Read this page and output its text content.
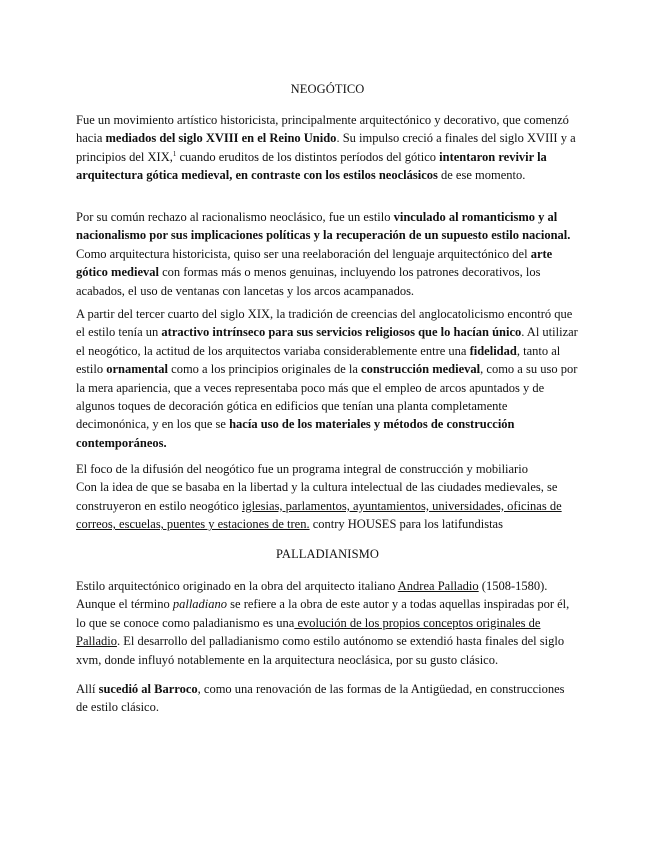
NEOGÓTICO

Fue un movimiento artístico historicista, principalmente arquitectónico y decorativo, que comenzó hacia mediados del siglo XVIII en el Reino Unido. Su impulso creció a finales del siglo XVIII y a principios del XIX,$^1$ cuando eruditos de los distintos períodos del gótico intentaron revivir la arquitectura gótica medieval, en contraste con los estilos neoclásicos de ese momento.

Por su común rechazo al racionalismo neoclásico, fue un estilo vinculado al romanticismo y al nacionalismo por sus implicaciones políticas y la recuperación de un supuesto estilo nacional. Como arquitectura historicista, quiso ser una reelaboración del lenguaje arquitectónico del arte gótico medieval con formas más o menos genuinas, incluyendo los patrones decorativos, los acabados, el uso de ventanas con lancetas y los arcos acampanados.

A partir del tercer cuarto del siglo XIX, la tradición de creencias del anglocatolicismo encontró que el estilo tenía un atractivo intrínseco para sus servicios religiosos que lo hacían único. Al utilizar el neogótico, la actitud de los arquitectos variaba considerablemente entre una fidelidad, tanto al estilo ornamental como a los principios originales de la construcción medieval, como a su uso por la mera apariencia, que a veces representaba poco más que el empleo de arcos apuntados y de algunos toques de decoración gótica en edificios que tenían una planta completamente decimonónica, y en los que se hacía uso de los materiales y métodos de construcción contemporáneos.

El foco de la difusión del neogótico fue un programa integral de construcción y mobiliario
Con la idea de que se basaba en la libertad y la cultura intelectual de las ciudades medievales, se construyeron en estilo neogótico iglesias, parlamentos, ayuntamientos, universidades, oficinas de correos, escuelas, puentes y estaciones de tren. contry HOUSES para los latifundistas

PALLADIANISMO

Estilo arquitectónico originado en la obra del arquitecto italiano Andrea Palladio (1508-1580). Aunque el término palladiano se refiere a la obra de este autor y a todas aquellas inspiradas por él, lo que se conoce como paladianismo es una evolución de los propios conceptos originales de Palladio. El desarrollo del palladianismo como estilo autónomo se extendió hasta finales del siglo xvm, donde influyó notablemente en la arquitectura neoclásica, por su gusto clásico.

Allí sucedió al Barroco, como una renovación de las formas de la Antigüedad, en construcciones de estilo clásico.
